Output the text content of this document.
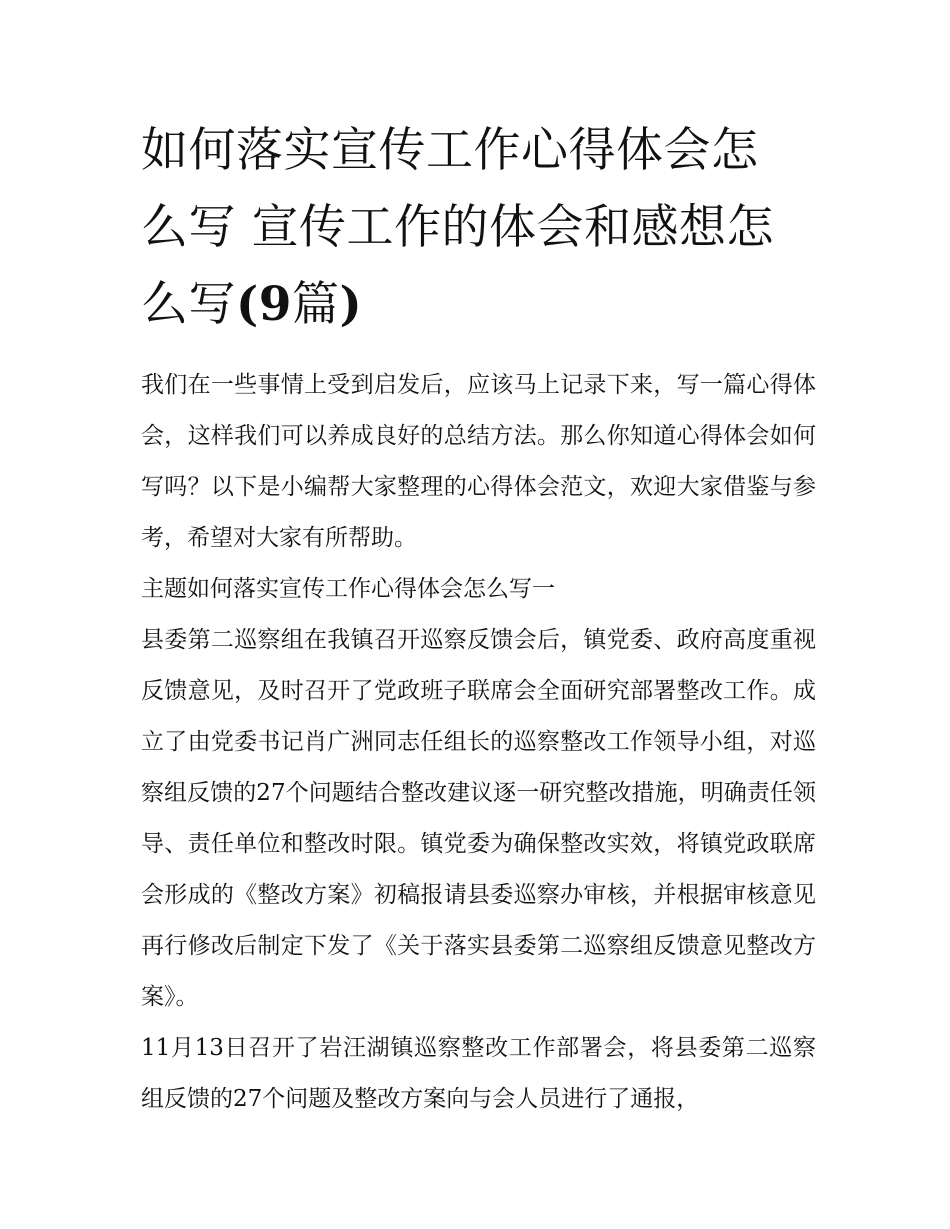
如何落实宣传工作心得体会怎
么写 宣传工作的体会和感想怎
么写(9篇)

我们在一些事情上受到启发后，应该马上记录下来，写一篇心得体会，这样我们可以养成良好的总结方法。那么你知道心得体会如何写吗？以下是小编帮大家整理的心得体会范文，欢迎大家借鉴与参考，希望对大家有所帮助。

主题如何落实宣传工作心得体会怎么写一

县委第二巡察组在我镇召开巡察反馈会后，镇党委、政府高度重视反馈意见，及时召开了党政班子联席会全面研究部署整改工作。成立了由党委书记肖广洲同志任组长的巡察整改工作领导小组，对巡察组反馈的27个问题结合整改建议逐一研究整改措施，明确责任领导、责任单位和整改时限。镇党委为确保整改实效，将镇党政联席会形成的《整改方案》初稿报请县委巡察办审核，并根据审核意见再行修改后制定下发了《关于落实县委第二巡察组反馈意见整改方案》。

11月13日召开了岩汪湖镇巡察整改工作部署会，将县委第二巡察组反馈的27个问题及整改方案向与会人员进行了通报，
